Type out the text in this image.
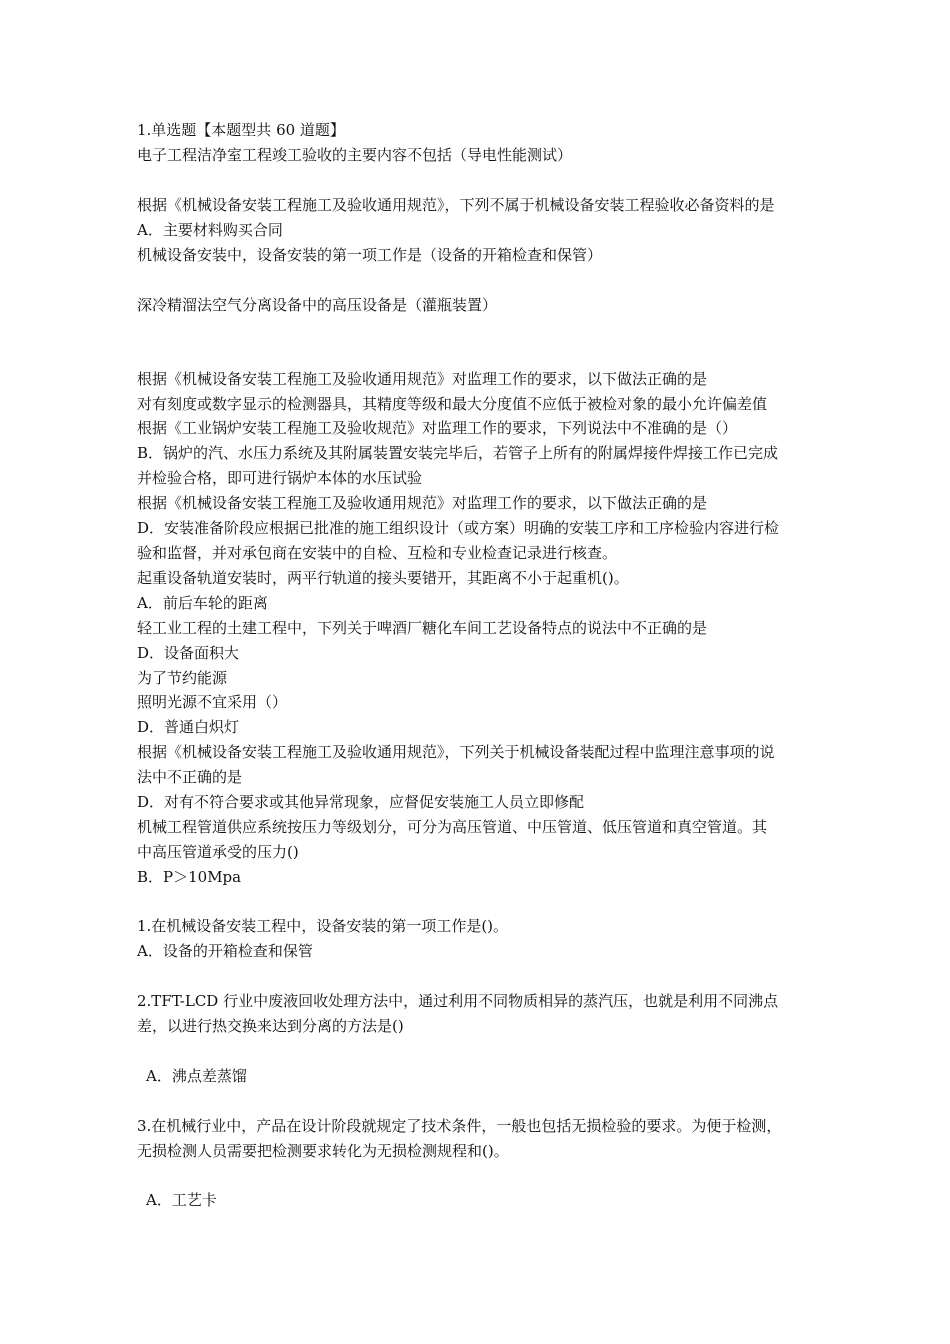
1.单选题【本题型共 60 道题】
电子工程洁净室工程竣工验收的主要内容不包括（导电性能测试）
根据《机械设备安装工程施工及验收通用规范》，下列不属于机械设备安装工程验收必备资料的是
A．主要材料购买合同
机械设备安装中，设备安装的第一项工作是（设备的开箱检查和保管）
深冷精溜法空气分离设备中的高压设备是（灌瓶装置）
根据《机械设备安装工程施工及验收通用规范》对监理工作的要求，以下做法正确的是
对有刻度或数字显示的检测器具，其精度等级和最大分度值不应低于被检对象的最小允许偏差值
根据《工业锅炉安装工程施工及验收规范》对监理工作的要求，下列说法中不准确的是（）
B．锅炉的汽、水压力系统及其附属装置安装完毕后，若管子上所有的附属焊接件焊接工作已完成
并检验合格，即可进行锅炉本体的水压试验
根据《机械设备安装工程施工及验收通用规范》对监理工作的要求，以下做法正确的是
D．安装准备阶段应根据已批准的施工组织设计（或方案）明确的安装工序和工序检验内容进行检
验和监督，并对承包商在安装中的自检、互检和专业检查记录进行核查。
起重设备轨道安装时，两平行轨道的接头要错开，其距离不小于起重机()。
A．前后车轮的距离
轻工业工程的土建工程中，下列关于啤酒厂糖化车间工艺设备特点的说法中不正确的是
D．设备面积大
为了节约能源
照明光源不宜采用（）
D．普通白炽灯
根据《机械设备安装工程施工及验收通用规范》，下列关于机械设备装配过程中监理注意事项的说
法中不正确的是
D．对有不符合要求或其他异常现象，应督促安装施工人员立即修配
机械工程管道供应系统按压力等级划分，可分为高压管道、中压管道、低压管道和真空管道。其
中高压管道承受的压力()
B．P＞10Mpa
1.在机械设备安装工程中，设备安装的第一项工作是()。
A．设备的开箱检查和保管
2.TFT-LCD 行业中废液回收处理方法中，通过利用不同物质相异的蒸汽压，也就是利用不同沸点
差，以进行热交换来达到分离的方法是()
A．沸点差蒸馏
3.在机械行业中，产品在设计阶段就规定了技术条件，一般也包括无损检验的要求。为便于检测，
无损检测人员需要把检测要求转化为无损检测规程和()。
A．工艺卡
